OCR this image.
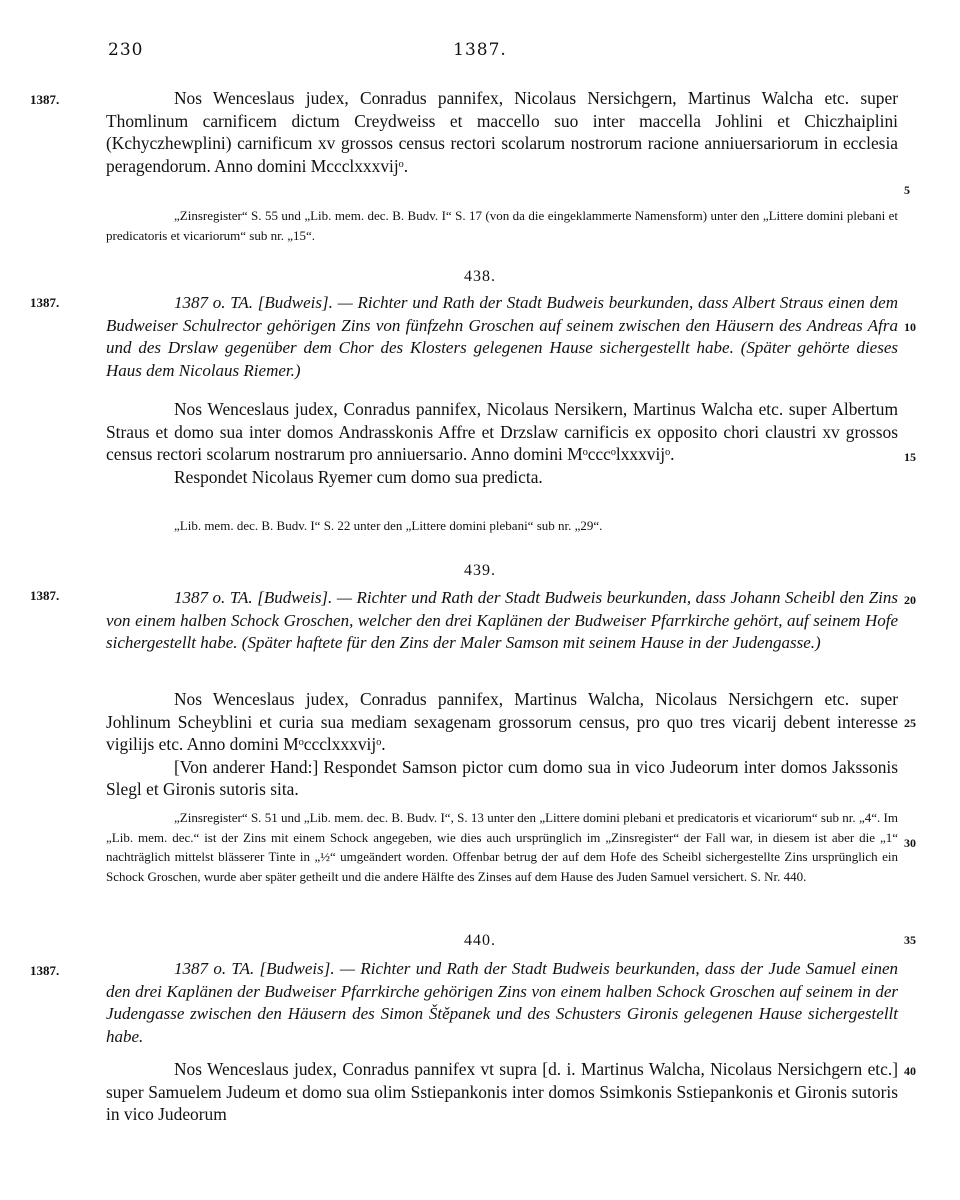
230	1387.
1387.
1387.
1387.
1387.
5
10
15
20
25
30
35
40

Nos Wenceslaus judex, Conradus pannifex, Nicolaus Nersichgern, Martinus Walcha etc. super Thomlinum carnificem dictum Creydweiss et maccello suo inter maccella Johlini et Chiczhaiplini (Kchyczhewplini) carnificum xv grossos census rectori scolarum nostrorum racione anniuersariorum in ecclesia peragendorum. Anno domini Mccclxxxvijᵒ.

„Zinsregister“ S. 55 und „Lib. mem. dec. B. Budv. I“ S. 17 (von da die eingeklammerte Namensform) unter den „Littere domini plebani et predicatoris et vicariorum“ sub nr. „15“.

438.

1387 o. TA. [Budweis]. — Richter und Rath der Stadt Budweis beurkunden, dass Albert Straus einen dem Budweiser Schulrector gehörigen Zins von fünfzehn Groschen auf seinem zwischen den Häusern des Andreas Afra und des Drslaw gegenüber dem Chor des Klosters gelegenen Hause sichergestellt habe. (Später gehörte dieses Haus dem Nicolaus Riemer.)

Nos Wenceslaus judex, Conradus pannifex, Nicolaus Nersikern, Martinus Walcha etc. super Albertum Straus et domo sua inter domos Andrasskonis Affre et Drzslaw carnificis ex opposito chori claustri xv grossos census rectori scolarum nostrarum pro anniuersario. Anno domini Mᵒcccᵒlxxxvijᵒ.

Respondet Nicolaus Ryemer cum domo sua predicta.

„Lib. mem. dec. B. Budv. I“ S. 22 unter den „Littere domini plebani“ sub nr. „29“.

439.

1387 o. TA. [Budweis]. — Richter und Rath der Stadt Budweis beurkunden, dass Johann Scheibl den Zins von einem halben Schock Groschen, welcher den drei Kaplänen der Budweiser Pfarrkirche gehört, auf seinem Hofe sichergestellt habe. (Später haftete für den Zins der Maler Samson mit seinem Hause in der Judengasse.)

Nos Wenceslaus judex, Conradus pannifex, Martinus Walcha, Nicolaus Nersichgern etc. super Johlinum Scheyblini et curia sua mediam sexagenam grossorum census, pro quo tres vicarij debent interesse vigilijs etc. Anno domini Mᵒccclxxxvijᵒ.

[Von anderer Hand:] Respondet Samson pictor cum domo sua in vico Judeorum inter domos Jakssonis Slegl et Gironis sutoris sita.

„Zinsregister“ S. 51 und „Lib. mem. dec. B. Budv. I“, S. 13 unter den „Littere domini plebani et predicatoris et vicariorum“ sub nr. „4“. Im „Lib. mem. dec.“ ist der Zins mit einem Schock angegeben, wie dies auch ursprünglich im „Zinsregister“ der Fall war, in diesem ist aber die „1“ nachträglich mittelst blässerer Tinte in „½“ umgeändert worden. Offenbar betrug der auf dem Hofe des Scheibl sichergestellte Zins ursprünglich ein Schock Groschen, wurde aber später getheilt und die andere Hälfte des Zinses auf dem Hause des Juden Samuel versichert. S. Nr. 440.

440.

1387 o. TA. [Budweis]. — Richter und Rath der Stadt Budweis beurkunden, dass der Jude Samuel einen den drei Kaplänen der Budweiser Pfarrkirche gehörigen Zins von einem halben Schock Groschen auf seinem in der Judengasse zwischen den Häusern des Simon Štěpanek und des Schusters Gironis gelegenen Hause sichergestellt habe.

Nos Wenceslaus judex, Conradus pannifex vt supra [d. i. Martinus Walcha, Nicolaus Nersichgern etc.] super Samuelem Judeum et domo sua olim Sstiepankonis inter domos Ssimkonis Sstiepankonis et Gironis sutoris in vico Judeorum
